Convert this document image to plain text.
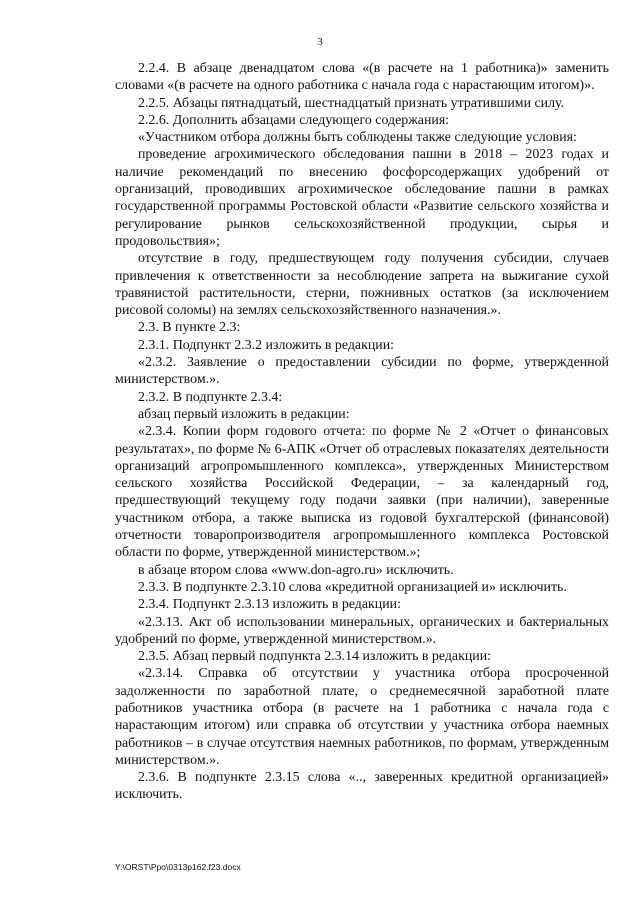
3

2.2.4. В абзаце двенадцатом слова «(в расчете на 1 работника)» заменить словами «(в расчете на одного работника с начала года с нарастающим итогом)».

2.2.5. Абзацы пятнадцатый, шестнадцатый признать утратившими силу.

2.2.6. Дополнить абзацами следующего содержания:

«Участником отбора должны быть соблюдены также следующие условия:

проведение агрохимического обследования пашни в 2018 – 2023 годах и наличие рекомендаций по внесению фосфорсодержащих удобрений от организаций, проводивших агрохимическое обследование пашни в рамках государственной программы Ростовской области «Развитие сельского хозяйства и регулирование рынков сельскохозяйственной продукции, сырья и продовольствия»;

отсутствие в году, предшествующем году получения субсидии, случаев привлечения к ответственности за несоблюдение запрета на выжигание сухой травянистой растительности, стерни, пожнивных остатков (за исключением рисовой соломы) на землях сельскохозяйственного назначения.».

2.3. В пункте 2.3:

2.3.1. Подпункт 2.3.2 изложить в редакции:

«2.3.2. Заявление о предоставлении субсидии по форме, утвержденной министерством.».

2.3.2. В подпункте 2.3.4:

абзац первый изложить в редакции:

«2.3.4. Копии форм годового отчета: по форме № 2 «Отчет о финансовых результатах», по форме № 6-АПК «Отчет об отраслевых показателях деятельности организаций агропромышленного комплекса», утвержденных Министерством сельского хозяйства Российской Федерации, – за календарный год, предшествующий текущему году подачи заявки (при наличии), заверенные участником отбора, а также выписка из годовой бухгалтерской (финансовой) отчетности товаропроизводителя агропромышленного комплекса Ростовской области по форме, утвержденной министерством.»;

в абзаце втором слова «www.don-agro.ru» исключить.

2.3.3. В подпункте 2.3.10 слова «кредитной организацией и» исключить.

2.3.4. Подпункт 2.3.13 изложить в редакции:

«2.3.13. Акт об использовании минеральных, органических и бактериальных удобрений по форме, утвержденной министерством.».

2.3.5. Абзац первый подпункта 2.3.14 изложить в редакции:

«2.3.14. Справка об отсутствии у участника отбора просроченной задолженности по заработной плате, о среднемесячной заработной плате работников участника отбора (в расчете на 1 работника с начала года с нарастающим итогом) или справка об отсутствии у участника отбора наемных работников – в случае отсутствия наемных работников, по формам, утвержденным министерством.».

2.3.6. В подпункте 2.3.15 слова «.., заверенных кредитной организацией» исключить.

Y:\ORST\Ppo\0313p162.f23.docx
